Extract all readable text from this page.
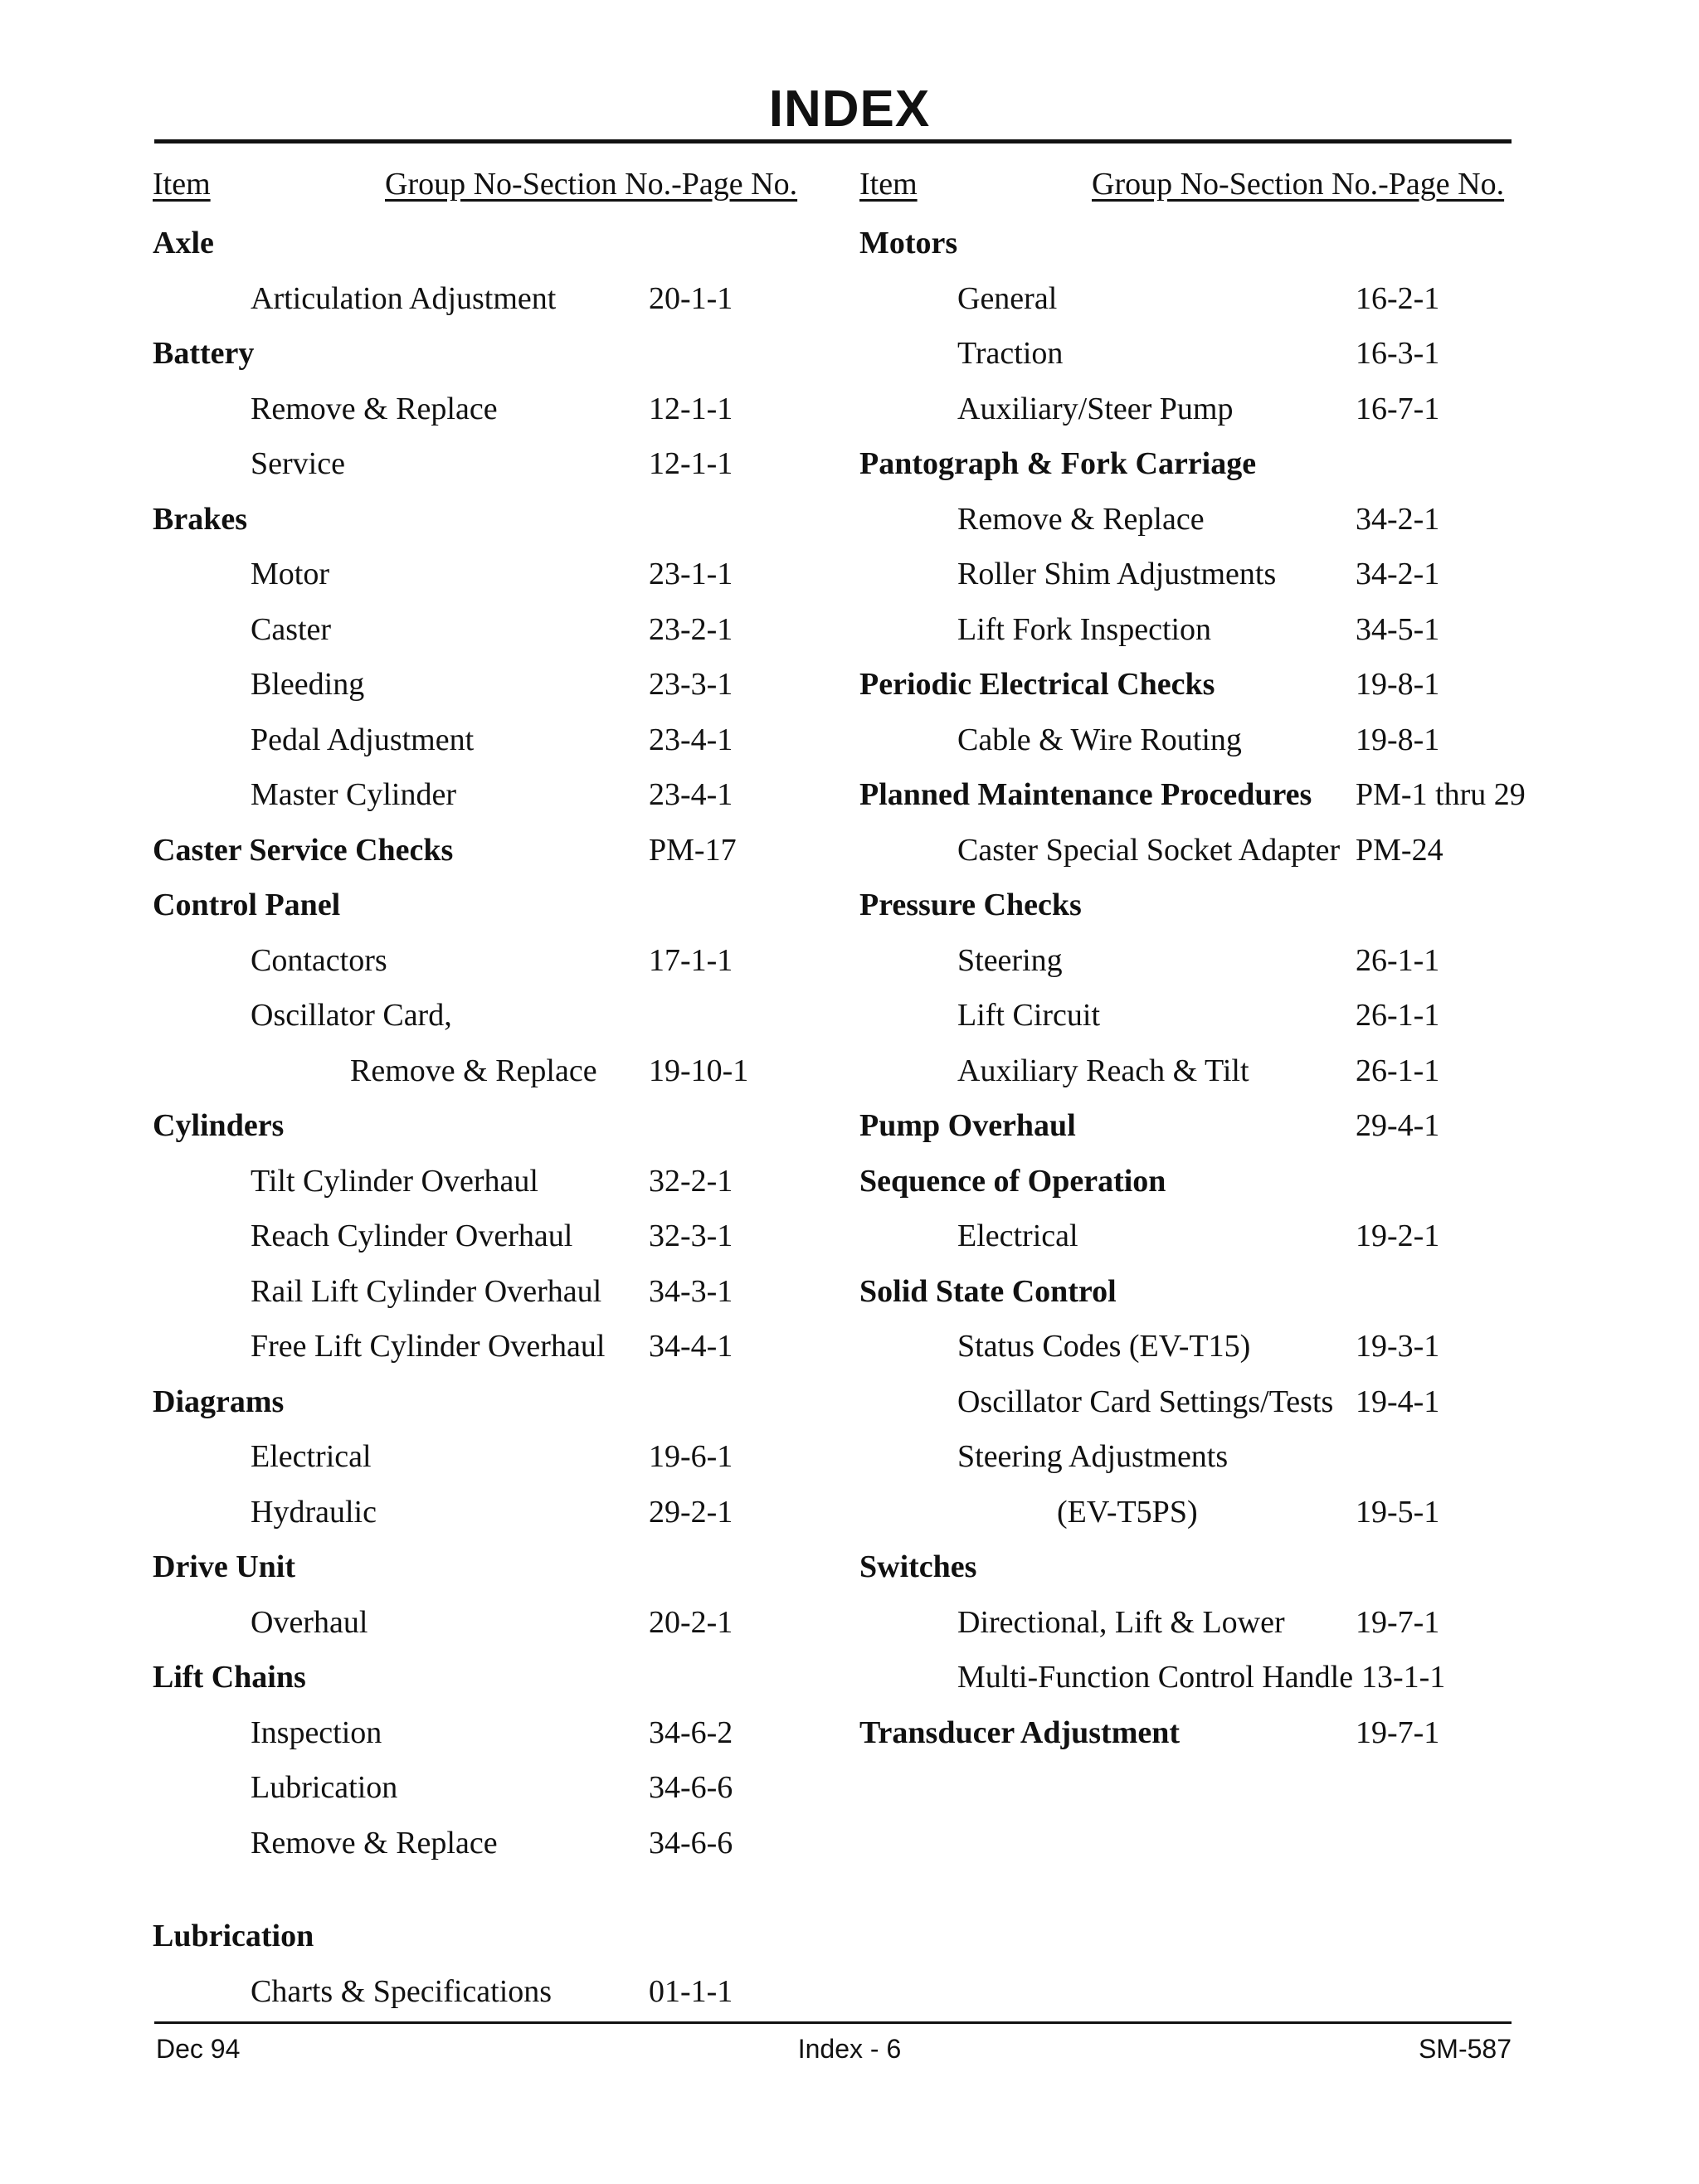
INDEX
Item	Group No-Section No.-Page No.
Axle
Articulation Adjustment	20-1-1
Battery
Remove & Replace	12-1-1
Service	12-1-1
Brakes
Motor	23-1-1
Caster	23-2-1
Bleeding	23-3-1
Pedal Adjustment	23-4-1
Master Cylinder	23-4-1
Caster Service Checks	PM-17
Control Panel
Contactors	17-1-1
Oscillator Card,
Remove & Replace 19-10-1
Cylinders
Tilt Cylinder Overhaul	32-2-1
Reach Cylinder Overhaul 32-3-1
Rail Lift Cylinder Overhaul 34-3-1
Free Lift Cylinder Overhaul 34-4-1
Diagrams
Electrical	19-6-1
Hydraulic	29-2-1
Drive Unit
Overhaul	20-2-1
Lift Chains
Inspection	34-6-2
Lubrication	34-6-6
Remove & Replace	34-6-6
Lubrication
Charts & Specifications	01-1-1
Item	Group No-Section No.-Page No.
Motors
General	16-2-1
Traction	16-3-1
Auxiliary/Steer Pump	16-7-1
Pantograph & Fork Carriage
Remove & Replace	34-2-1
Roller Shim Adjustments	34-2-1
Lift Fork Inspection	34-5-1
Periodic Electrical Checks	19-8-1
Cable & Wire Routing	19-8-1
Planned Maintenance Procedures PM-1 thru 29
Caster Special Socket Adapter PM-24
Pressure Checks
Steering	26-1-1
Lift Circuit	26-1-1
Auxiliary Reach & Tilt	26-1-1
Pump Overhaul	29-4-1
Sequence of Operation
Electrical	19-2-1
Solid State Control
Status Codes (EV-T15)	19-3-1
Oscillator Card Settings/Tests 19-4-1
Steering Adjustments
(EV-T5PS)	19-5-1
Switches
Directional, Lift & Lower 19-7-1
Multi-Function Control Handle 13-1-1
Transducer Adjustment	19-7-1
Dec 94	Index - 6	SM-587
